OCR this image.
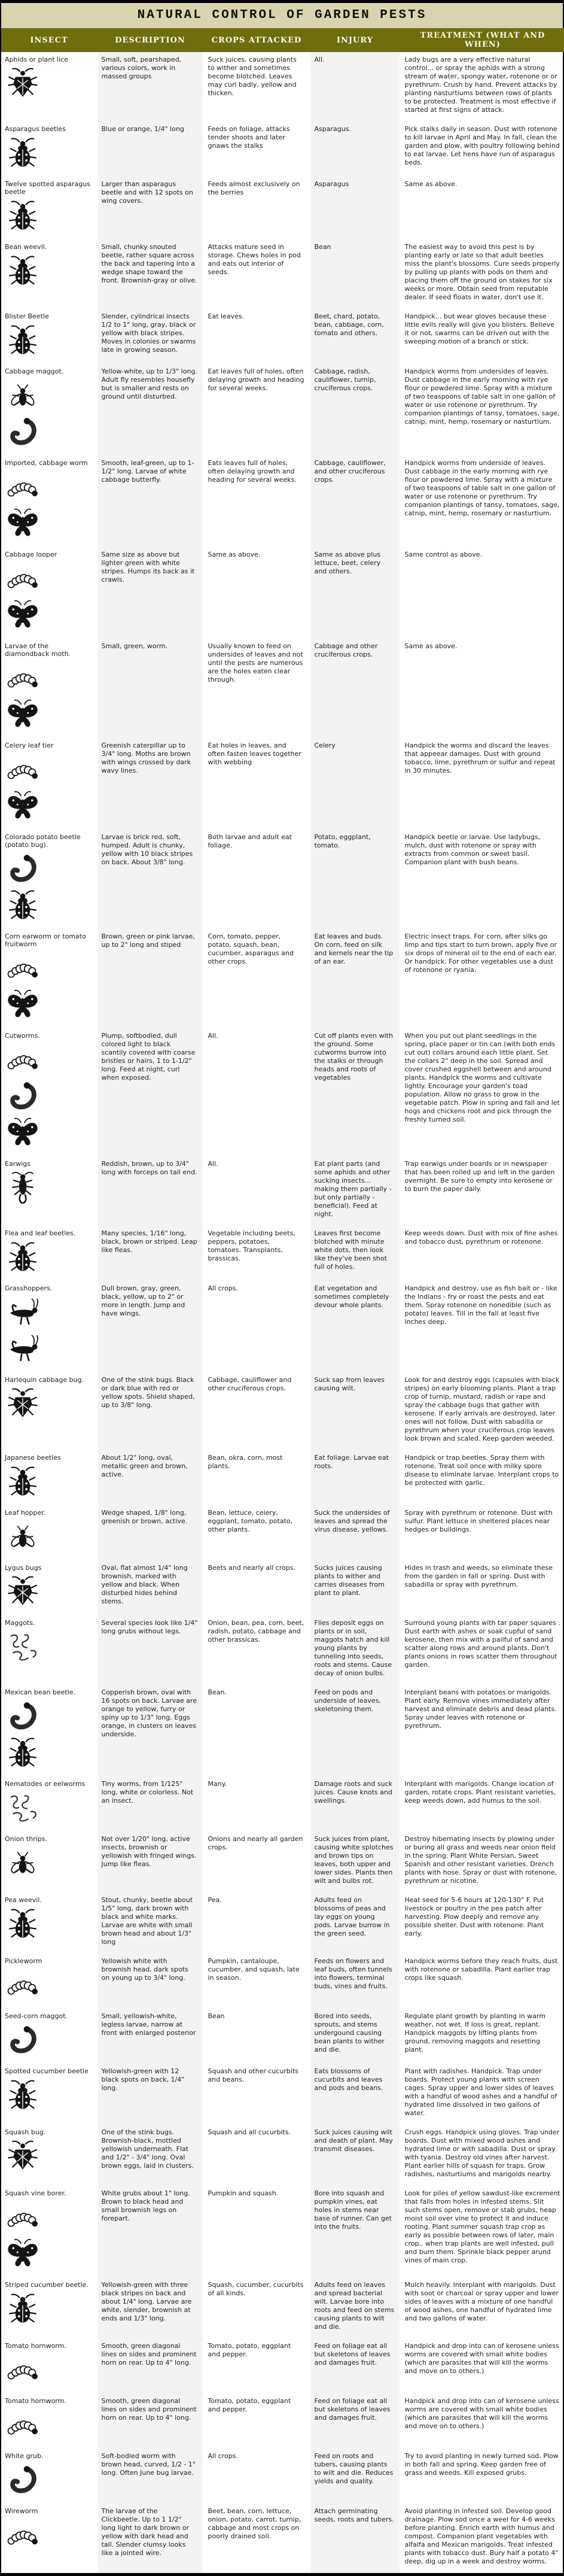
NATURAL CONTROL OF GARDEN PESTS
INSECT	DESCRIPTION	CROPS ATTACKED	INJURY	TREATMENT (WHAT AND WHEN)

Aphids or plant lice	Small, soft, pearshaped, various colors, work in massed groups	Suck juices, causing plants to wither and sometimes become blotched. Leaves may curl badly, yellow and thicken.	All.	Lady bugs are a very effective natural control... or spray the aphids with a strong stream of water, spongy water, rotenone or or pyrethrum. Crush by hand. Prevent attacks by planting nasturtiums between rows of plants to be protected. Treatment is most effective if started at first signs of attack.

Asparagus beetles	Blue or orange, 1/4" long	Feeds on foliage, attacks tender shoots and later gnaws the stalks	Asparagus.	Pick stalks daily in season. Dust with rotenone to kill larvae in April and May. In fall, clean the garden and plow, with poultry following behind to eat larvae. Let hens have run of asparagus beds.

Twelve spotted asparagus beetle	Larger than asparagus beetle and with 12 spots on wing covers.	Feeds almost exclusively on the berries	Asparagus	Same as above.

Bean weevil.	Small, chunky snouted beetle, rather square across the back and tapering into a wedge shape toward the front. Brownish-gray or olive.	Attacks mature seed in storage. Chews holes in pod and eats out interior of seeds.	Bean	The easiest way to avoid this pest is by planting early or late so that adult beetles miss the plant's blossoms. Cure seeds properly by pulling up plants with pods on them and placing them off the ground on stakes for six weeks or more. Obtain seed from reputable dealer. If seed floats in water, don't use it.

Blister Beetle	Slender, cylindrical insects 1/2 to 1" long, gray, black or yellow with black stripes. Moves in colonies or swarms late in growing season.	Eat leaves.	Beet, chard, potato, bean, cabbage, corn, tomato and others.	Handpick... but wear gloves because these little evils really will give you blisters. Believe it or not, swarms can be driven out with the sweeping motion of a branch or stick.

Cabbage maggot.	Yellow-white, up to 1/3" long. Adult fly resembles housefly but is smaller and rests on ground until disturbed.	Eat leaves full of holes, often delaying growth and heading for several weeks.	Cabbage, radish, cauliflower, turnip, cruciferous crops.	Handpick worms from undersides of leaves. Dust cabbage in the early morning with rye flour or powdered lime. Spray with a mixture of two teaspoons of table salt in one gallon of water or use rotenone or pyrethrum. Try companion plantings of tansy, tomatoes, sage, catnip, mint, hemp, rosemary or nasturtium.

Imported, cabbage worm	Smooth, leaf-green, up to 1-1/2" long. Larvae of white cabbage butterfly.	Eats leaves full of holes, often delaying growth and heading for several weeks.	Cabbage, cauliflower, and other cruciferous crops.	Handpick worms from underside of leaves. Dust cabbage in the early morning with rye flour or powdered lime. Spray with a mixture of two teaspoons of table salt in one gallon of water or use rotenone or pyrethrum. Try companion plantings of tansy, tomatoes, sage, catnip, mint, hemp, rosemary or nasturtium.

Cabbage looper	Same size as above but lighter green with white stripes. Humps its back as it crawls.	Same as above.	Same as above plus lettuce, beet, celery and others.	Same control as above.

Larvae of the diamondback moth.	Small, green, worm.	Usually known to feed on undersides of leaves and not until the pests are numerous are the holes eaten clear through.	Cabbage and other cruciferous crops.	Same as above.

Celery leaf tier	Greenish caterpillar up to 3/4" long. Moths are brown with wings crossed by dark wavy lines.	Eat holes in leaves, and often fasten leaves together with webbing	Celery	Handpick the worms and discard the leaves that appeear damages. Dust with ground tobacco, lime, pyrethrum or sulfur and repeat in 30 minutes.

Colorado potato beetle (potato bug).	Larvae is brick red, soft, humped. Adult is chunky, yellow with 10 black stripes on back. About 3/8" long.	Both larvae and adult eat foliage.	Potato, eggplant, tomato.	Handpick beetle or larvae. Use ladybugs, mulch, dust with rotenone or spray with extracts from common or sweet basil. Companion plant with bush beans.

Corn earworm or tomato fruitworm	Brown, green or pink larvae, up to 2" long and stiped	Corn, tomato, pepper, potato, squash, bean, cucumber, asparagus and other crops.	Eat leaves and buds. On corn, feed on silk and kernels near the tip of an ear.	Electric insect traps. For corn, after silks go limp and tips start to turn brown, apply five or six drops of mineral oil to the end of each ear. Or handpick. For other vegetables use a dust of rotenone or ryania.

Cutworms.	Plump, softbodied, dull colored light to black scantily covered with coarse bristles or hairs, 1 to 1-1/2" long. Feed at night, curl when exposed.	All.	Cut off plants even with the ground. Some cutworms burrow into the stalks or through heads and roots of vegetables	When you put out plant seedlings in the spring, place paper or tin can (with both ends cut out) collars around each little plant. Set the collars 2" deep in the soil. Spread and cover crushed eggshell between and around plants. Handpick the worms and cultivate lightly. Encourage your garden's toad population. Allow no grass to grow in the vegetable patch. Plow in spring and fall and let hogs and chickens root and pick through the freshly turned soil.

Earwigs	Reddish, brown, up to 3/4" long with forceps on tail end.	All.	Eat plant parts (and some aphids and other sucking insects... making them partially - but only partially - beneficial). Feed at night.	Trap earwigs under boards or in newspaper that has been rolled up and left in the garden overnight. Be sure to empty into kerosene or to burn the paper daily.

Flea and leaf beetles.	Many species, 1/16" long, black, brown or striped. Leap like fleas.	Vegetable including beets, peppers, potatoes, tomatoes. Transplants, brassicas.	Leaves first become blotched with minute white dots, then look like they've been shot full of holes.	Keep weeds down. Dust with mix of fine ashes and tobacco dust, pyrethrum or rotenone.

Grasshoppers.	Dull brown, gray, green, black, yellow, up to 2" or more in length. Jump and have wings.	All crops.	Eat vegetation and sometimes completely devour whole plants.	Handpick and destroy, use as fish bait or - like the Indians - fry or roast the pests and eat them. Spray rotenone on nonedible (such as potato) leaves. Till in the fall at least five inches deep.

Harlequin cabbage bug.	One of the stink bugs. Black or dark blue with red or yellow spots. Shield shaped, up to 3/8" long.	Cabbage, cauliflower and other cruciferous crops.	Suck sap from leaves causing wilt.	Look for and destroy eggs (capsules with black stripes) on early blooming plants. Plant a trap crop of turnip, mustard, radish or rape and spray the cabbage bugs that gather with kerosene. If early arrivals are destroyed, later ones will not follow. Dust with sabadilla or pyrethrum when your cruciferous crop leaves look brown and scaled. Keep garden weeded.

Japanese beetles	About 1/2" long, oval, metallic green and brown, active.	Bean, okra, corn, most plants.	Eat foliage. Larvae eat roots.	Handpick or trap beetles. Spray them with rotenone. Treat soil once with milky spore disease to eliminate larvae. Interplant crops to be protected with garlic.

Leaf hopper.	Wedge shaped, 1/8" long, greenish or brown, active.	Bean, lettuce, celery, eggplant, tomato, potato, other plants.	Suck the undersides of leaves and spread the virus disease, yellows.	Spray with pyrethrum or rotenone. Dust with sulfur. Plant lettuce in sheltered places near hedges or buildings.

Lygus bugs	Oval, flat almost 1/4" long brownish, marked with yellow and black. When disturbed hides behind stems.	Beets and nearly all crops.	Sucks juices causing plants to wither and carries diseases from plant to plant.	Hides in trash and weeds, so eliminate these from the garden in fall or spring. Dust with sabadilla or spray with pyrethrum.

Maggots.	Several species look like 1/4" long grubs without legs.	Onion, bean, pea, corn, beet, radish, potato, cabbage and other brassicas.	Flies deposit eggs on plants or in soil, maggots hatch and kill young plants by tunneling into seeds, roots and stems. Cause decay of onion bulbs.	Surround young plants with tar paper squares . Dust earth with ashes or soak cupful of sand kerosene, then mix with a pailful of sand and scatter along rows and around plants. Don't plants onions in rows scatter them throughout garden.

Mexican bean beetle.	Copperish brown, oval with 16 spots on back. Larvae are orange to yellow, furry or spiny up to 1/3" long. Eggs orange, in clusters on leaves underside.	Bean.	Feed on pods and underside of leaves, skeletoning them.	Interplant beans with potatoes or marigolds. Plant early. Remove vines immediately after harvest and eliminate debris and dead plants. Spray under leaves with rotenone or pyrethrum.

Nematodes or eelworms	Tiny worms, from 1/125" long, white or colorless. Not an insect.	Many.	Damage roots and suck juices. Cause knots and swellings.	Interplant with marigolds. Change location of garden, rotate crops. Plant resistant varieties, keep weeds down, add humus to the soil.

Onion thrips.	Not over 1/20" long, active insects, brownish or yellowish with fringed wings. Jump like fleas.	Onions and nearly all garden crops.	Suck juices from plant, causing white splotches and brown tips on leaves, both upper and lower sides. Plants then wilt and bulbs rot.	Destroy hibernating insects by plowing under or buring all grass and weeds near onion field in the spring. Plant White Persian, Sweet Spanish and other resistant varieties. Drench plants with hose. Spray or dust with rotenone, pyrethrum or nicotine.

Pea weevil.	Stout, chunky, beetle about 1/5" long, dark brown with black and white marks. Larvae are white with small brown head and about 1/3" long	Pea.	Adults feed on blossoms of peas and lay eggs on young pods. Larvae burrow in the green seed.	Heat seed for 5-6 hours at 120-130° F. Put livestock or poultry in the pea patch after harvesting. Plow deeply and remove any possible shelter. Dust with rotenone. Plant early.

Pickleworm	Yellowish white with brownish head, dark spots on young up to 3/4" long.	Pumpkin, cantaloupe, cucumber, and squash, late in season.	Feeds on flowers and leaf buds, often tunnels into flowers, terminal buds, vines and fruits.	Handpick worms before they reach fruits, dust with rotenone or sabadilla. Plant earlier trap crops like squash.

Seed-corn maggot.	Small, yellowish-white, legless larvae, narrow at front with enlarged posterior	Bean	Bored into seeds, sprouts, and stems undergound causing bean plants to wither and die.	Regulate plant growth by planting in warm weather, not wet. If loss is great, replant. Handpick maggots by lifting plants from ground, removing maggots and resetting plant.

Spotted cucumber beetle	Yellowish-green with 12 black spots on back, 1/4" long.	Squash and other cucurbits and beans.	Eats blossoms of cucurbits and leaves and pods and beans.	Plant with radishes. Handpick. Trap under boards. Protect young plants with screen cages. Spray upper and lower sides of leaves with a handful of wood ashes and a handful of hydrated lime dissolved in two gallons of water.

Squash bug.	One of the stink bugs. Brownish-black, mottled yellowish underneath. Flat and 1/2" - 3/4" long. Oval brown eggs, laid in clusters.	Squash and all cucurbits.	Suck juices causing wilt and death of plant. May transmit diseases.	Crush eggs. Handpick using gloves. Trap under boards. Dust with mixed wood ashes and hydrated lime or with sabadilla. Dust or spray with tyania. Destroy old vines after harvest. Plant earlier hills of squash for traps. Grow radishes, nasturtiums and marigolds nearby.

Squash vine borer.	White grubs about 1" long. Brown to black head and small brownish legs on forepart.	Pumpkin and squash.	Bore into squash and pumpkin vines, eat holes in stems near base of runner. Can get into the fruits.	Look for piles of yellow sawdust-like excrement that falls from holes in infested stems. Slit such stems open, remove or stab grubs, heap moist soil over vine to protect it and induce rooting. Plant summer squash trap crop as early as possible between rows of later, main crop.. when trap plants are well infested, pull and burn them. Sprinkle black pepper arund vines of main crop.

Striped cucumber beetle.	Yellowish-green with three black stripes on back and about 1/4" long. Larvae are white, slender, brownish at ends and 1/3" long.	Squash, cucumber, cucurbits of all kinds.	Adults feed on leaves and spread bacterial wilt. Larvae bore into roots and feed on stems causing plants to wilt and die.	Mulch heavily. Interplant with marigolds. Dust with soot or charcoal or spray upper and lower sides of leaves with a mixture of one handful of wood ashes, one handful of hydrated lime and two gallons of water.

Tomato hornworm.	Smooth, green diagonal lines on sides and prominent horn on rear. Up to 4" long.	Tomato, potato, eggplant and pepper.	Feed on foliage eat all but skeletons of leaves and damages fruit.	Handpick and drop into can of kerosene unless worms are covered with small white bodies (which are parasites that will kill the worms and move on to others.)

Tomato hornworm.	Smooth, green diagonal lines on sides and prominent horn on rear. Up to 4" long.	Tomato, potato, eggplant and pepper.	Feed on foliage eat all but skeletons of leaves and damages fruit.	Handpick and drop into can of kerosene unless worms are covered with small white bodies (which are parasites that will kill the worms and move on to others.)

White grub.	Soft-bodied worm with brown head, curved, 1/2 - 1" long. Often June bug larvae.	All crops.	Feed on roots and tubers, causing plants to wilt and die. Reduces yields and quality.	Try to avoid planting in newly turned sod. Plow in both fall and spring. Keep garden free of grass and weeds. Kill exposed grubs.

Wireworm	The larvae of the Clickbeetle. Up to 1 1/2" long light to dark brown or yellow with dark head and tail. Slender clumsy looks like a jointed wire.	Beet, bean, corn, lettuce, onion, potato, carrot, turnip, cabbage and most crops on poorly drained soil.	Attach germinating seeds, roots and tubers.	Avoid planting in infested soil. Develop good drainage. Plow sod once a weel for 4-6 weeks before planting. Enrich earth with humus and compost. Companion plant vegetables with alfalfa and Mexican marigolds. Treat infested plants with tobacco dust. Bury half a potato 4" deep, dig up in a week and destroy worms.
